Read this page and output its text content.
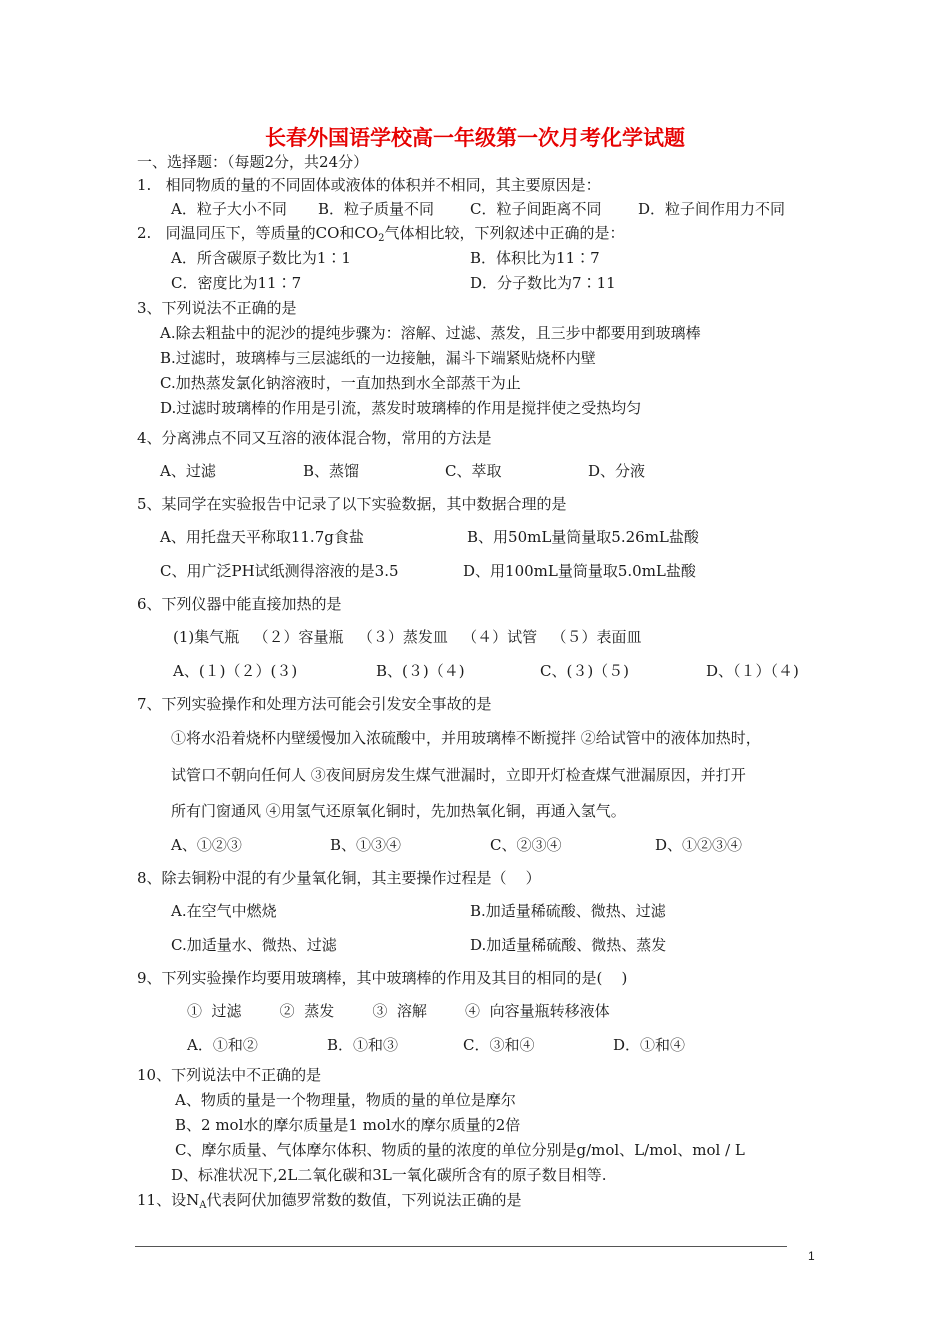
长春外国语学校高一年级第一次月考化学试题
一、选择题：（每题2分，共24分）
1.   相同物质的量的不同固体或液体的体积并不相同，其主要原因是：
A．粒子大小不同 B．粒子质量不同 C．粒子间距离不同 D．粒子间作用力不同
2.   同温同压下，等质量的CO和$CO_2$气体相比较，下列叙述中正确的是：
A．所含碳原子数比为1∶1	B．体积比为11∶7
C．密度比为11∶7	D．分子数比为7∶11
3、下列说法不正确的是
A.除去粗盐中的泥沙的提纯步骤为：溶解、过滤、蒸发，且三步中都要用到玻璃棒
B.过滤时，玻璃棒与三层滤纸的一边接触，漏斗下端紧贴烧杯内壁
C.加热蒸发氯化钠溶液时，一直加热到水全部蒸干为止
D.过滤时玻璃棒的作用是引流，蒸发时玻璃棒的作用是搅拌使之受热均匀
4、分离沸点不同又互溶的液体混合物，常用的方法是
A、过滤	B、蒸馏	C、萃取	D、分液
5、某同学在实验报告中记录了以下实验数据，其中数据合理的是
A、用托盘天平称取11.7g食盐	B、用50mL量筒量取5.26mL盐酸
C、用广泛PH试纸测得溶液的是3.5	D、用100mL量筒量取5.0mL盐酸
6、下列仪器中能直接加热的是
(1)集气瓶   （２）容量瓶   （３）蒸发皿   （４）试管   （５）表面皿
A、(１)（２）(３)	B、(３)（４)	C、(３)（５)	D、（１）（４)
7、下列实验操作和处理方法可能会引发安全事故的是
①将水沿着烧杯内壁缓慢加入浓硫酸中，并用玻璃棒不断搅拌 ②给试管中的液体加热时，
试管口不朝向任何人 ③夜间厨房发生煤气泄漏时，立即开灯检查煤气泄漏原因，并打开
所有门窗通风 ④用氢气还原氧化铜时，先加热氧化铜，再通入氢气。
A、①②③	B、①③④	C、②③④	D、①②③④
8、除去铜粉中混的有少量氧化铜，其主要操作过程是（    ）
A.在空气中燃烧	B.加适量稀硫酸、微热、过滤
C.加适量水、微热、过滤	D.加适量稀硫酸、微热、蒸发
9、下列实验操作均要用玻璃棒，其中玻璃棒的作用及其目的相同的是(    )
①  过滤        ②  蒸发        ③  溶解        ④  向容量瓶转移液体
A．①和②	B．①和③	C．③和④	D．①和④
10、下列说法中不正确的是
A、物质的量是一个物理量，物质的量的单位是摩尔
B、2 mol水的摩尔质量是1 mol水的摩尔质量的2倍
C、摩尔质量、气体摩尔体积、物质的量的浓度的单位分别是g/mol、L/mol、mol / L
D、标准状况下,2L二氧化碳和3L一氧化碳所含有的原子数目相等.
11、设$N_A$代表阿伏加德罗常数的数值，下列说法正确的是
1
